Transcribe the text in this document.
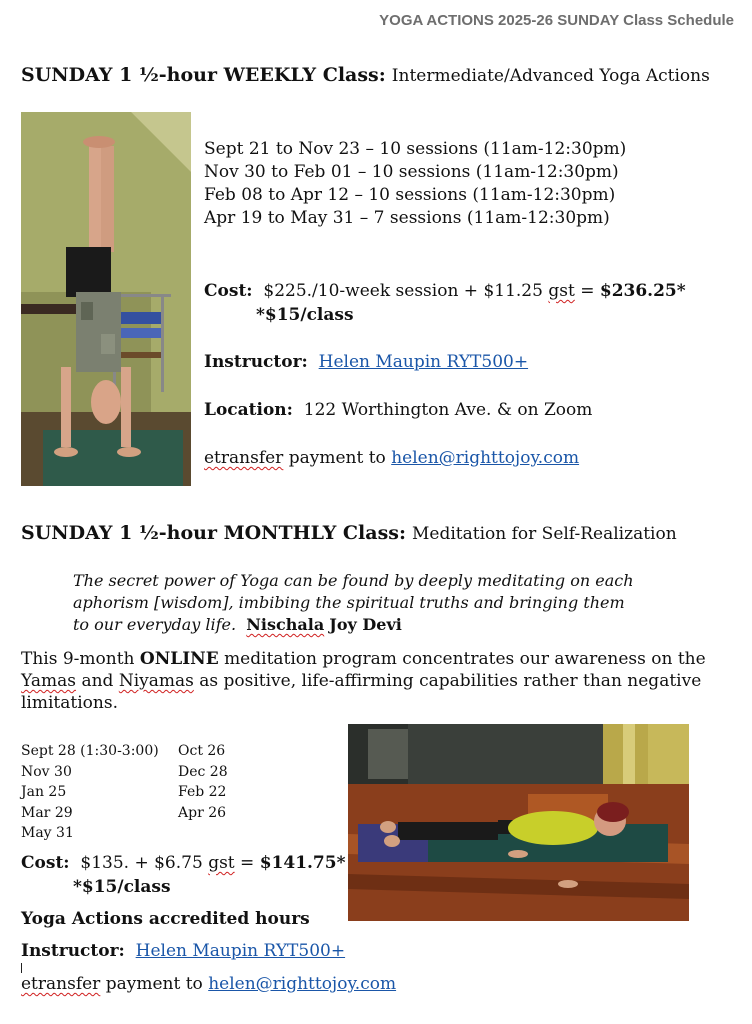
YOGA ACTIONS 2025-26 SUNDAY Class Schedule
SUNDAY 1 ½-hour WEEKLY Class: Intermediate/Advanced Yoga Actions
Sept 21 to Nov 23 – 10 sessions (11am-12:30pm)
Nov 30 to Feb 01 – 10 sessions (11am-12:30pm)
Feb 08 to Apr 12 – 10 sessions (11am-12:30pm)
Apr 19 to May 31 – 7 sessions (11am-12:30pm)
Cost: $225./10-week session + $11.25 gst = $236.25*
*$15/class
Instructor: Helen Maupin RYT500+
Location: 122 Worthington Ave. & on Zoom
etransfer payment to helen@righttojoy.com
SUNDAY 1 ½-hour MONTHLY Class: Meditation for Self-Realization
The secret power of Yoga can be found by deeply meditating on each
aphorism [wisdom], imbibing the spiritual truths and bringing them
to our everyday life. Nischala Joy Devi
This 9-month ONLINE meditation program concentrates our awareness on the
Yamas and Niyamas as positive, life-affirming capabilities rather than negative
limitations.
Sept 28 (1:30-3:00)	Oct 26
Nov 30	Dec 28
Jan 25	Feb 22
Mar 29	Apr 26
May 31
Cost: $135. + $6.75 gst = $141.75*
*$15/class
Yoga Actions accredited hours
Instructor: Helen Maupin RYT500+
etransfer payment to helen@righttojoy.com
